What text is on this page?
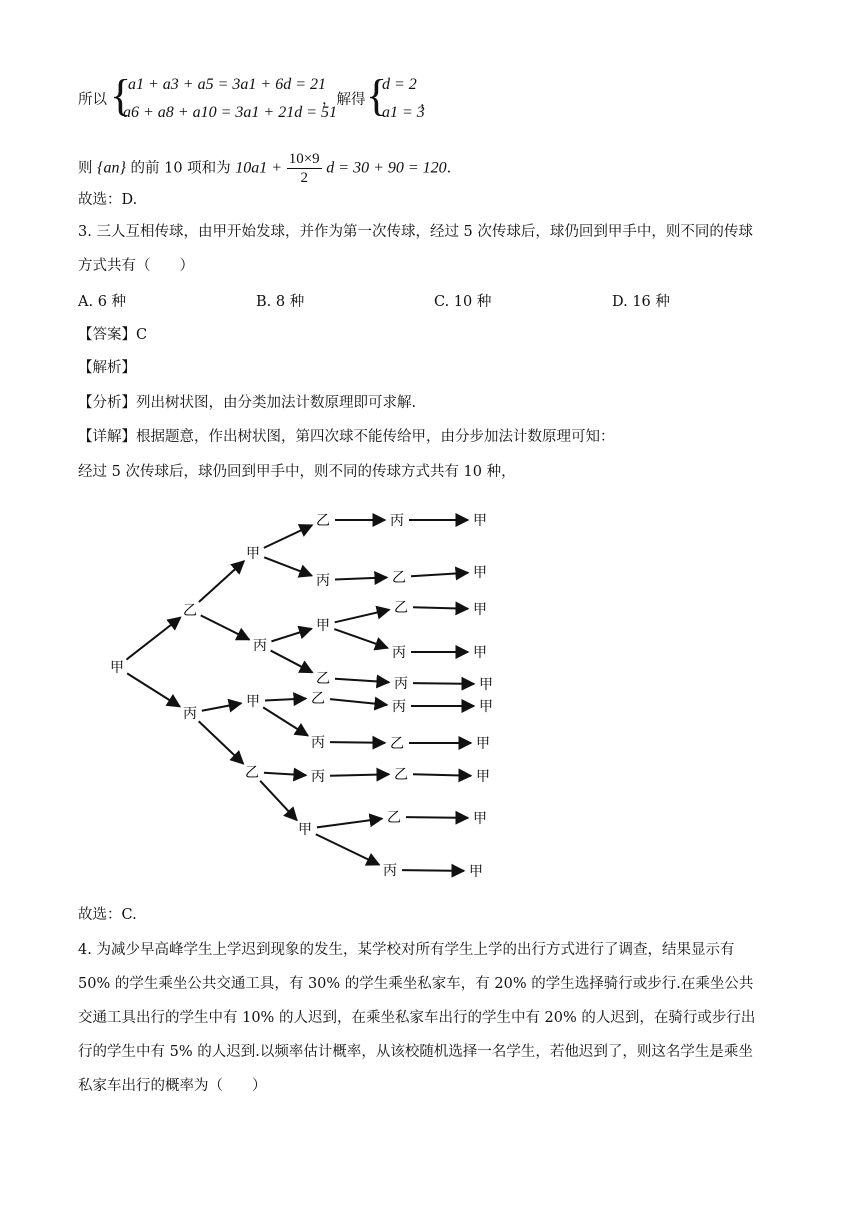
所以 {
a1 + a3 + a5 = 3a1 + 6d = 21
a6 + a8 + a10 = 3a1 + 21d = 51
，解得 {
d = 2
a1 = 3
，
则 {an} 的前 10 项和为 $10a1 + \frac{10\times 9}{2}$ d = 30 + 90 = 120.
故选：D.
3. 三人互相传球，由甲开始发球，并作为第一次传球，经过 5 次传球后，球仍回到甲手中，则不同的传球
方式共有（　　）
A. 6 种	B. 8 种	C. 10 种	D. 16 种
【答案】C
【解析】
【分析】列出树状图，由分类加法计数原理即可求解.
【详解】根据题意，作出树状图，第四次球不能传给甲，由分步加法计数原理可知：
经过 5 次传球后，球仍回到甲手中，则不同的传球方式共有 10 种，
甲
乙
丙
甲
丙
甲
乙
乙
丙
甲
乙
乙
丙
丙
甲
丙
乙
乙
丙
丙
丙
乙
乙
乙
丙
甲
甲
甲
甲
甲
甲
甲
甲
甲
甲
故选：C.
4. 为减少早高峰学生上学迟到现象的发生，某学校对所有学生上学的出行方式进行了调查，结果显示有
50% 的学生乘坐公共交通工具，有 30% 的学生乘坐私家车，有 20% 的学生选择骑行或步行.在乘坐公共
交通工具出行的学生中有 10% 的人迟到，在乘坐私家车出行的学生中有 20% 的人迟到，在骑行或步行出
行的学生中有 5% 的人迟到.以频率估计概率，从该校随机选择一名学生，若他迟到了，则这名学生是乘坐
私家车出行的概率为（　　）
